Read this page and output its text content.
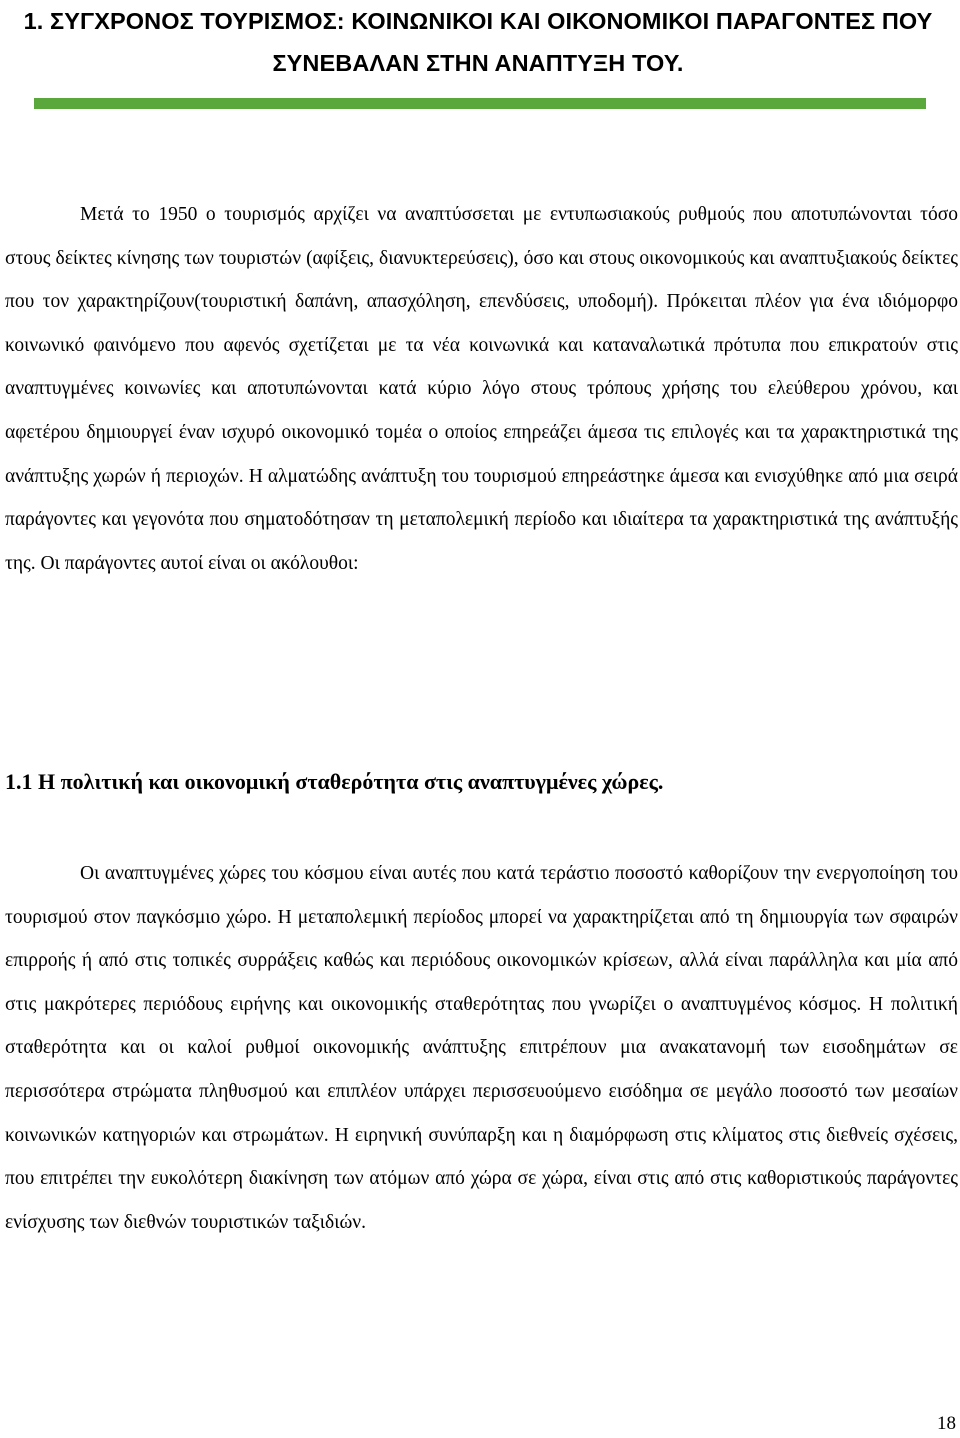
1. ΣΥΓΧΡΟΝΟΣ ΤΟΥΡΙΣΜΟΣ: ΚΟΙΝΩΝΙΚΟΙ ΚΑΙ ΟΙΚΟΝΟΜΙΚΟΙ ΠΑΡΑΓΟΝΤΕΣ ΠΟΥ ΣΥΝΕΒΑΛΑΝ ΣΤΗΝ ΑΝΑΠΤΥΞΗ ΤΟΥ.

Μετά το 1950 ο τουρισμός αρχίζει να αναπτύσσεται με εντυπωσιακούς ρυθμούς που αποτυπώνονται τόσο στους δείκτες κίνησης των τουριστών (αφίξεις, διανυκτερεύσεις), όσο και στους οικονομικούς και αναπτυξιακούς δείκτες που τον χαρακτηρίζουν(τουριστική δαπάνη, απασχόληση, επενδύσεις, υποδομή). Πρόκειται πλέον για ένα ιδιόμορφο κοινωνικό φαινόμενο που αφενός σχετίζεται με τα νέα κοινωνικά και καταναλωτικά πρότυπα που επικρατούν στις αναπτυγμένες κοινωνίες και αποτυπώνονται κατά κύριο λόγο στους τρόπους χρήσης του ελεύθερου χρόνου, και αφετέρου δημιουργεί έναν ισχυρό οικονομικό τομέα ο οποίος επηρεάζει άμεσα τις επιλογές και τα χαρακτηριστικά της ανάπτυξης χωρών ή περιοχών. Η αλματώδης ανάπτυξη του τουρισμού επηρεάστηκε άμεσα και ενισχύθηκε από μια σειρά παράγοντες και γεγονότα που σηματοδότησαν τη μεταπολεμική περίοδο και ιδιαίτερα τα χαρακτηριστικά της ανάπτυξής της. Οι παράγοντες αυτοί είναι οι ακόλουθοι:

1.1 Η πολιτική και οικονομική σταθερότητα στις αναπτυγμένες χώρες.

Οι αναπτυγμένες χώρες του κόσμου είναι αυτές που κατά τεράστιο ποσοστό καθορίζουν την ενεργοποίηση του τουρισμού στον παγκόσμιο χώρο. Η μεταπολεμική περίοδος μπορεί να χαρακτηρίζεται από τη δημιουργία των σφαιρών επιρροής ή από στις τοπικές συρράξεις καθώς και περιόδους οικονομικών κρίσεων, αλλά είναι παράλληλα και μία από στις μακρότερες περιόδους ειρήνης και οικονομικής σταθερότητας που γνωρίζει ο αναπτυγμένος κόσμος. Η πολιτική σταθερότητα και οι καλοί ρυθμοί οικονομικής ανάπτυξης επιτρέπουν μια ανακατανομή των εισοδημάτων σε περισσότερα στρώματα πληθυσμού και επιπλέον υπάρχει περισσευούμενο εισόδημα σε μεγάλο ποσοστό των μεσαίων κοινωνικών κατηγοριών και στρωμάτων. Η ειρηνική συνύπαρξη και η διαμόρφωση στις κλίματος στις διεθνείς σχέσεις, που επιτρέπει την ευκολότερη διακίνηση των ατόμων από χώρα σε χώρα, είναι στις από στις καθοριστικούς παράγοντες ενίσχυσης των διεθνών τουριστικών ταξιδιών.

18
